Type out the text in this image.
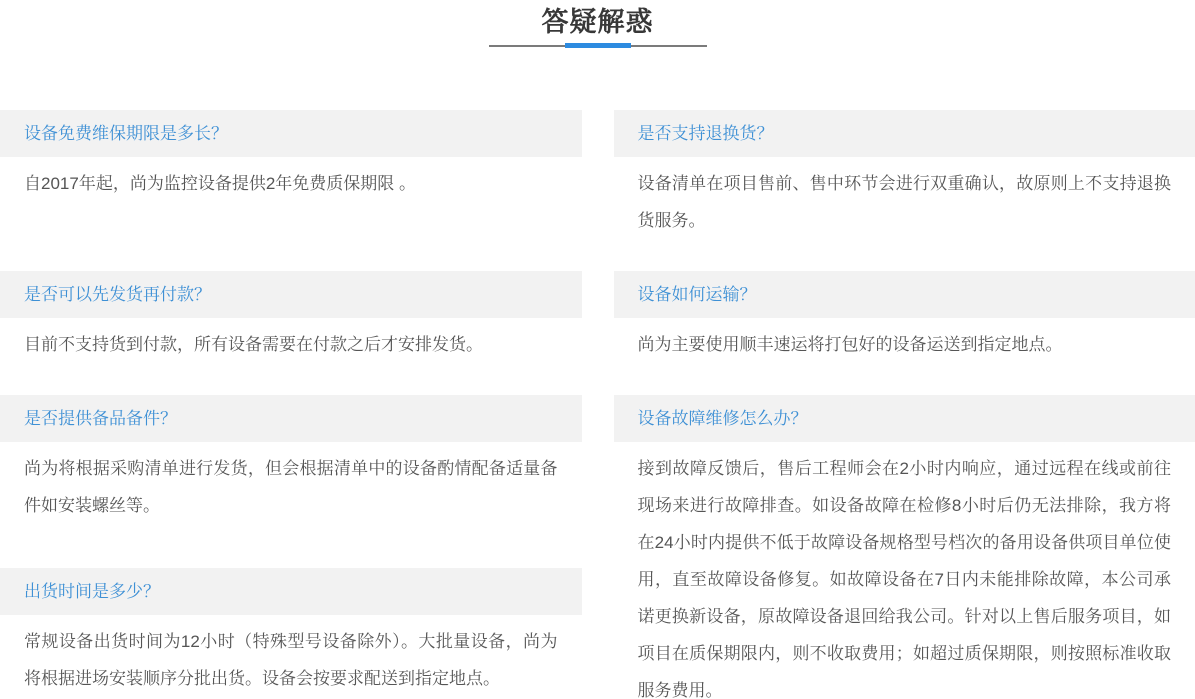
答疑解惑
设备免费维保期限是多长？
自2017年起，尚为监控设备提供2年免费质保期限 。
是否可以先发货再付款？
目前不支持货到付款，所有设备需要在付款之后才安排发货。
是否提供备品备件？
尚为将根据采购清单进行发货，但会根据清单中的设备酌情配备适量备件如安装螺丝等。
出货时间是多少？
常规设备出货时间为12小时（特殊型号设备除外）。大批量设备，尚为将根据进场安装顺序分批出货。设备会按要求配送到指定地点。
是否支持退换货？
设备清单在项目售前、售中环节会进行双重确认，故原则上不支持退换货服务。
设备如何运输？
尚为主要使用顺丰速运将打包好的设备运送到指定地点。
设备故障维修怎么办？
接到故障反馈后，售后工程师会在2小时内响应，通过远程在线或前往现场来进行故障排查。如设备故障在检修8小时后仍无法排除，我方将在24小时内提供不低于故障设备规格型号档次的备用设备供项目单位使用，直至故障设备修复。如故障设备在7日内未能排除故障，本公司承诺更换新设备，原故障设备退回给我公司。针对以上售后服务项目，如项目在质保期限内，则不收取费用；如超过质保期限，则按照标准收取服务费用。
